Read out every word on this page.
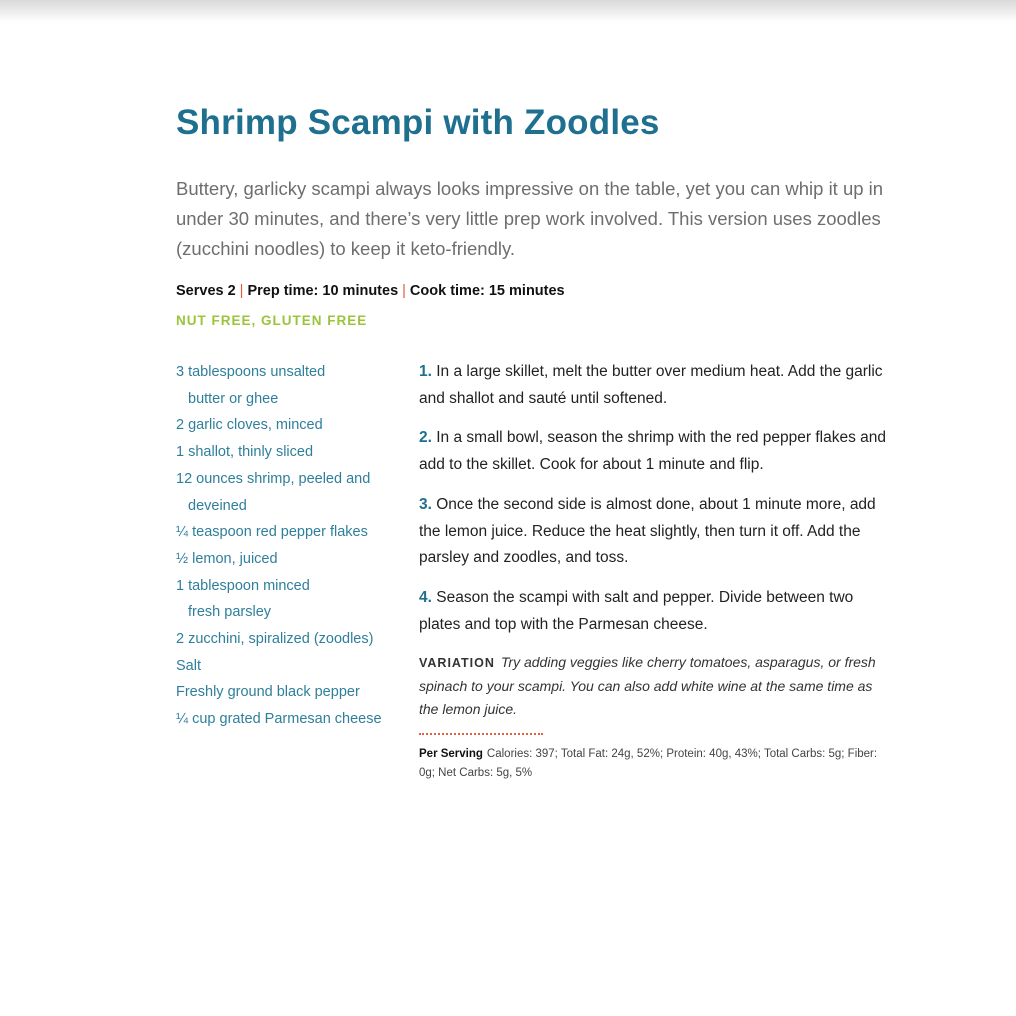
Shrimp Scampi with Zoodles

Buttery, garlicky scampi always looks impressive on the table, yet you can whip it up in under 30 minutes, and there’s very little prep work involved. This version uses zoodles (zucchini noodles) to keep it keto-friendly.

Serves 2 | Prep time: 10 minutes | Cook time: 15 minutes

NUT FREE, GLUTEN FREE

3 tablespoons unsalted
butter or ghee
2 garlic cloves, minced
1 shallot, thinly sliced
12 ounces shrimp, peeled and
deveined
¼ teaspoon red pepper flakes
½ lemon, juiced
1 tablespoon minced
fresh parsley
2 zucchini, spiralized (zoodles)
Salt
Freshly ground black pepper
¼ cup grated Parmesan cheese

1. In a large skillet, melt the butter over medium heat. Add the garlic and shallot and sauté until softened.

2. In a small bowl, season the shrimp with the red pepper flakes and add to the skillet. Cook for about 1 minute and flip.

3. Once the second side is almost done, about 1 minute more, add the lemon juice. Reduce the heat slightly, then turn it off. Add the parsley and zoodles, and toss.

4. Season the scampi with salt and pepper. Divide between two plates and top with the Parmesan cheese.

VARIATION Try adding veggies like cherry tomatoes, asparagus, or fresh spinach to your scampi. You can also add white wine at the same time as the lemon juice.

Per Serving Calories: 397; Total Fat: 24g, 52%; Protein: 40g, 43%; Total Carbs: 5g; Fiber: 0g; Net Carbs: 5g, 5%
